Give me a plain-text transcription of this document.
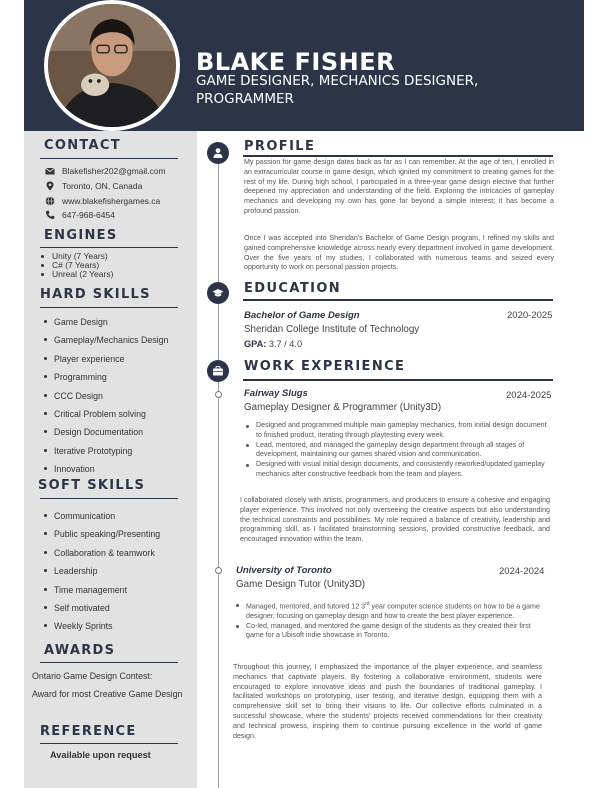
BLAKE FISHER
GAME DESIGNER, MECHANICS DESIGNER, PROGRAMMER
CONTACT
Blakefisher202@gmail.com
Toronto, ON, Canada
www.blakefishergames.ca
647-968-6454
ENGINES
Unity (7 Years)
C# (7 Years)
Unreal (2 Years)
HARD SKILLS
Game Design
Gameplay/Mechanics Design
Player experience
Programming
CCC Design
Critical Problem solving
Design Documentation
Iterative Prototyping
Innovation
SOFT SKILLS
Communication
Public speaking/Presenting
Collaboration & teamwork
Leadership
Time management
Self motivated
Weekly Sprints
AWARDS
Ontario Game Design Contest:
Award for most Creative Game Design
REFERENCE
Available upon request
PROFILE
My passion for game design dates back as far as I can remember. At the age of ten, I enrolled in an extracurricular course in game design, which ignited my commitment to creating games for the rest of my life. During high school, I participated in a three-year game design elective that further deepened my appreciation and understanding of the field. Exploring the intricacies of gameplay mechanics and developing my own has gone far beyond a simple interest; it has become a profound passion.
Once I was accepted into Sheridan's Bachelor of Game Design program, I refined my skills and gained comprehensive knowledge across nearly every department involved in game development. Over the five years of my studies, I collaborated with numerous teams and seized every opportunity to work on personal passion projects.
EDUCATION
Bachelor of Game Design	2020-2025
Sheridan College Institute of Technology
GPA: 3.7 / 4.0
WORK EXPERIENCE
Fairway Slugs	2024-2025
Gameplay Designer & Programmer (Unity3D)
Designed and programmed multiple main gameplay mechanics, from initial design document to finished product, iterating through playtesting every week.
Lead, mentored, and managed the gameplay design department through all stages of development, maintaining our games shared vision and communication.
Designed with visual initial design documents, and consistently reworked/updated gameplay mechanics after constructive feedback from the team and players.
I collaborated closely with artists, programmers, and producers to ensure a cohesive and engaging player experience. This involved not only overseeing the creative aspects but also understanding the technical constraints and possibilities. My role required a balance of creativity, leadership and programming skill, as I facilitated brainstorming sessions, provided constructive feedback, and encouraged innovation within the team.
University of Toronto	2024-2024
Game Design Tutor (Unity3D)
Managed, mentored, and tutored 12 3rd year computer science students on how to be a game designer, focusing on gameplay design and how to create the best player experience.
Co-led, managed, and mentored the game design of the students as they created their first game for a Ubisoft indie showcase in Toronto.
Throughout this journey, I emphasized the importance of the player experience, and seamless mechanics that captivate players. By fostering a collaborative environment, students were encouraged to explore innovative ideas and push the boundaries of traditional gameplay. I facilitated workshops on prototyping, user testing, and iterative design, equipping them with a comprehensive skill set to bring their visions to life. Our collective efforts culminated in a successful showcase, where the students' projects received commendations for their creativity and technical prowess, inspiring them to continue pursuing excellence in the world of game design.
